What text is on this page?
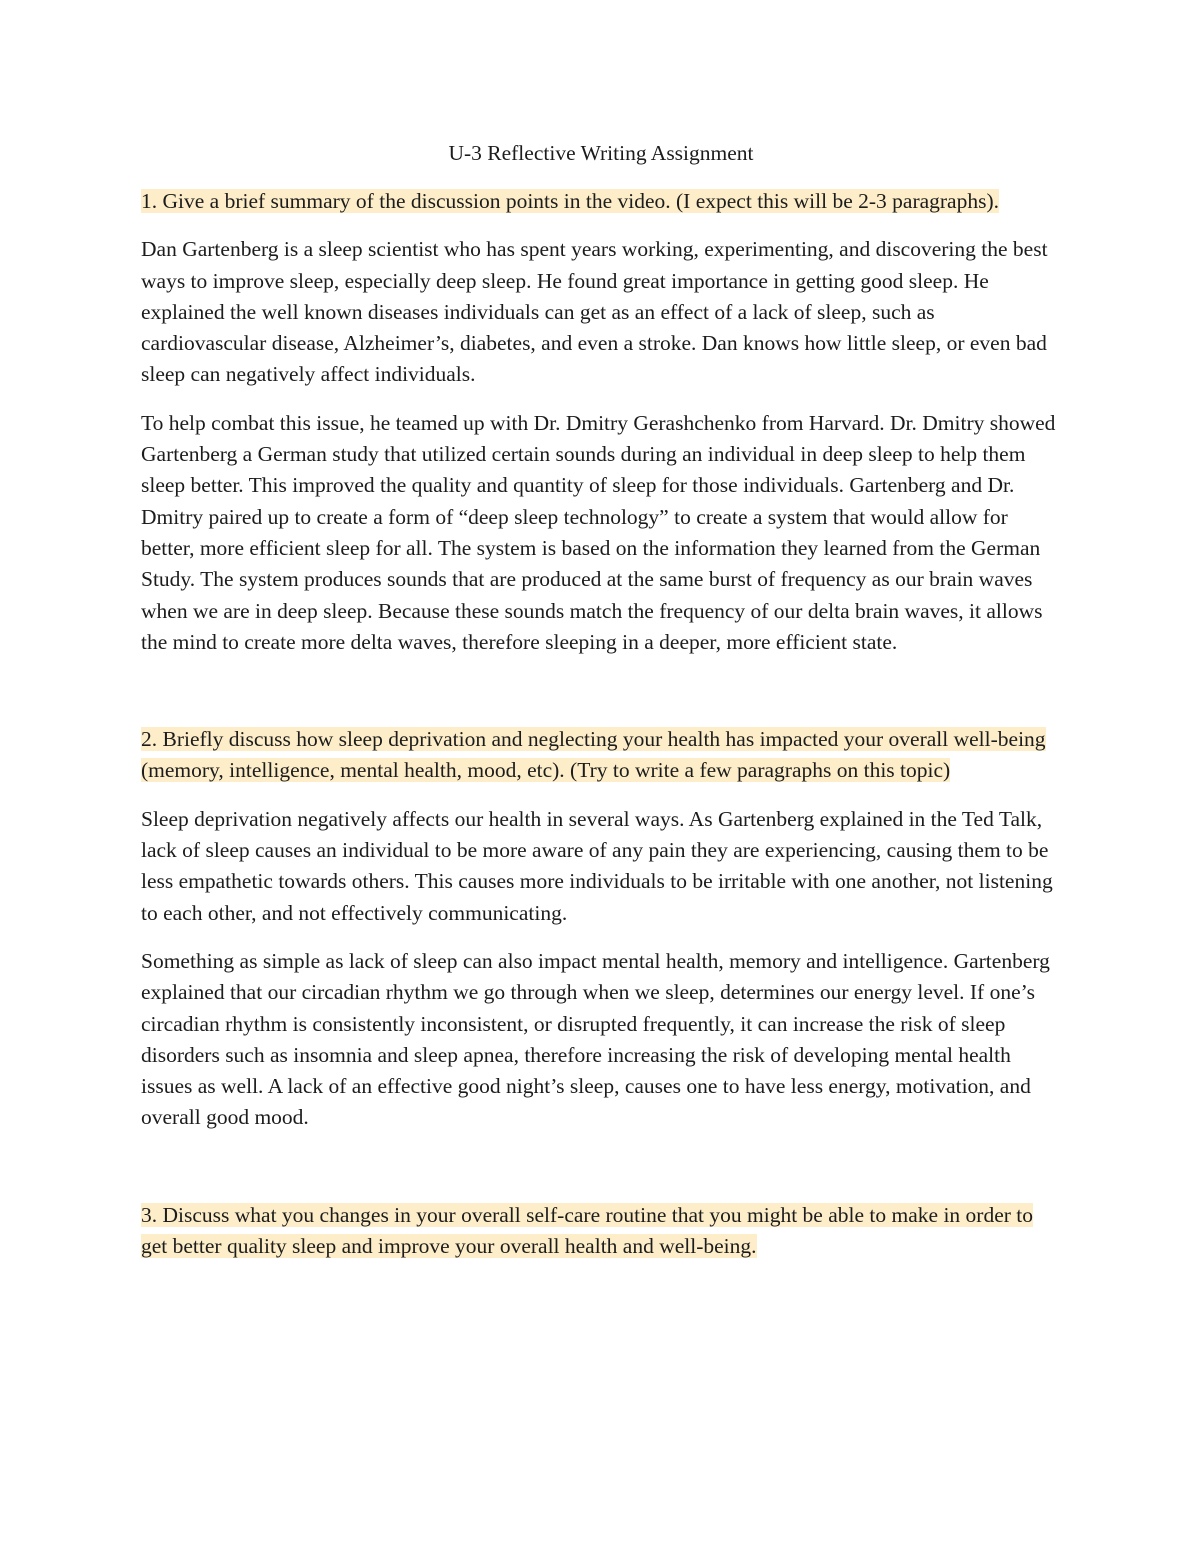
U-3 Reflective Writing Assignment
1. Give a brief summary of the discussion points in the video. (I expect this will be 2-3 paragraphs).
Dan Gartenberg is a sleep scientist who has spent years working, experimenting, and discovering the best ways to improve sleep, especially deep sleep. He found great importance in getting good sleep. He explained the well known diseases individuals can get as an effect of a lack of sleep, such as cardiovascular disease, Alzheimer’s, diabetes, and even a stroke. Dan knows how little sleep, or even bad sleep can negatively affect individuals.
To help combat this issue, he teamed up with Dr. Dmitry Gerashchenko from Harvard. Dr. Dmitry showed Gartenberg a German study that utilized certain sounds during an individual in deep sleep to help them sleep better. This improved the quality and quantity of sleep for those individuals. Gartenberg and Dr. Dmitry paired up to create a form of “deep sleep technology” to create a system that would allow for better, more efficient sleep for all. The system is based on the information they learned from the German Study. The system produces sounds that are produced at the same burst of frequency as our brain waves when we are in deep sleep. Because these sounds match the frequency of our delta brain waves, it allows the mind to create more delta waves, therefore sleeping in a deeper, more efficient state.
2. Briefly discuss how sleep deprivation and neglecting your health has impacted your overall well-being (memory, intelligence, mental health, mood, etc). (Try to write a few paragraphs on this topic)
Sleep deprivation negatively affects our health in several ways. As Gartenberg explained in the Ted Talk, lack of sleep causes an individual to be more aware of any pain they are experiencing, causing them to be less empathetic towards others. This causes more individuals to be irritable with one another, not listening to each other, and not effectively communicating.
Something as simple as lack of sleep can also impact mental health, memory and intelligence. Gartenberg explained that our circadian rhythm we go through when we sleep, determines our energy level. If one’s circadian rhythm is consistently inconsistent, or disrupted frequently, it can increase the risk of sleep disorders such as insomnia and sleep apnea, therefore increasing the risk of developing mental health issues as well. A lack of an effective good night’s sleep, causes one to have less energy, motivation, and overall good mood.
3. Discuss what you changes in your overall self-care routine that you might be able to make in order to get better quality sleep and improve your overall health and well-being.
